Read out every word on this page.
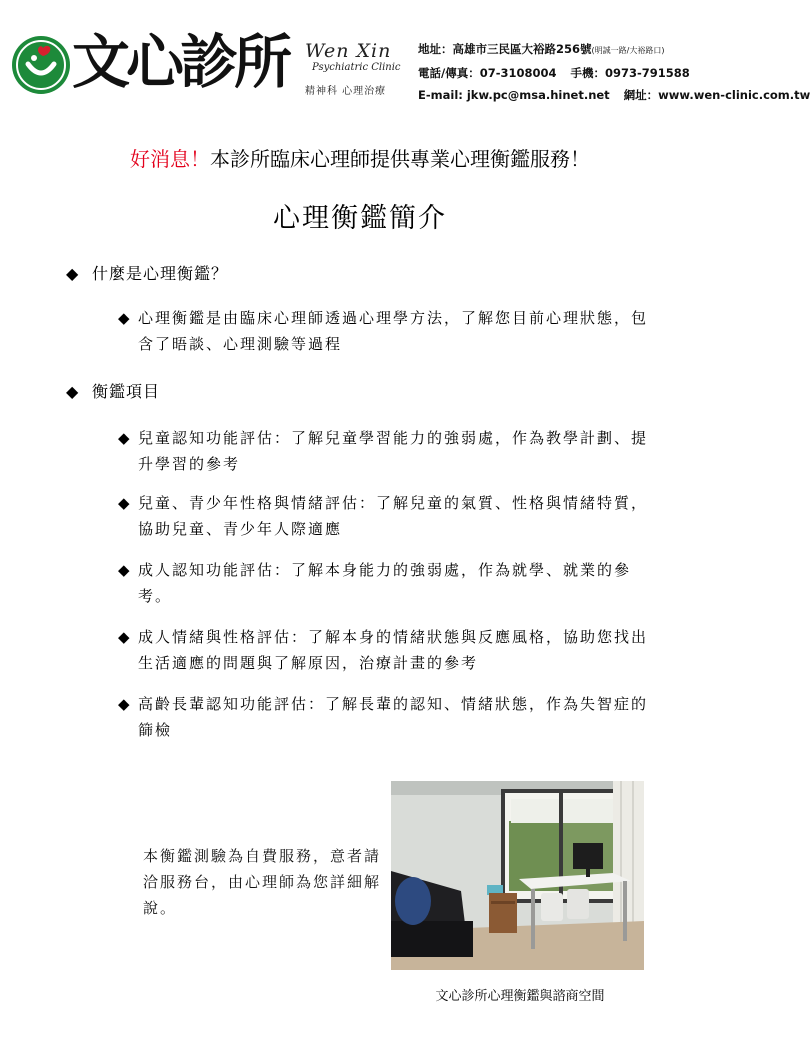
文心診所 Wen Xin
Psychiatric Clinic
精神科 心理治療
地址：高雄市三民區大裕路256號(明誠一路/大裕路口)
電話/傳真：07-3108004 手機：0973-791588
E-mail: jkw.pc@msa.hinet.net 網址：www.wen-clinic.com.tw
好消息！本診所臨床心理師提供專業心理衡鑑服務！
心理衡鑑簡介
◆ 什麼是心理衡鑑？
◆ 心理衡鑑是由臨床心理師透過心理學方法，了解您目前心理狀態，包含了晤談、心理測驗等過程
◆ 衡鑑項目
◆ 兒童認知功能評估：了解兒童學習能力的強弱處，作為教學計劃、提升學習的參考
◆ 兒童、青少年性格與情緒評估：了解兒童的氣質、性格與情緒特質，協助兒童、青少年人際適應
◆ 成人認知功能評估：了解本身能力的強弱處，作為就學、就業的參考。
◆ 成人情緒與性格評估：了解本身的情緒狀態與反應風格，協助您找出生活適應的問題與了解原因，治療計畫的參考
◆ 高齡長輩認知功能評估：了解長輩的認知、情緒狀態，作為失智症的篩檢
本衡鑑測驗為自費服務，意者請洽服務台，由心理師為您詳細解說。
文心診所心理衡鑑與諮商空間
